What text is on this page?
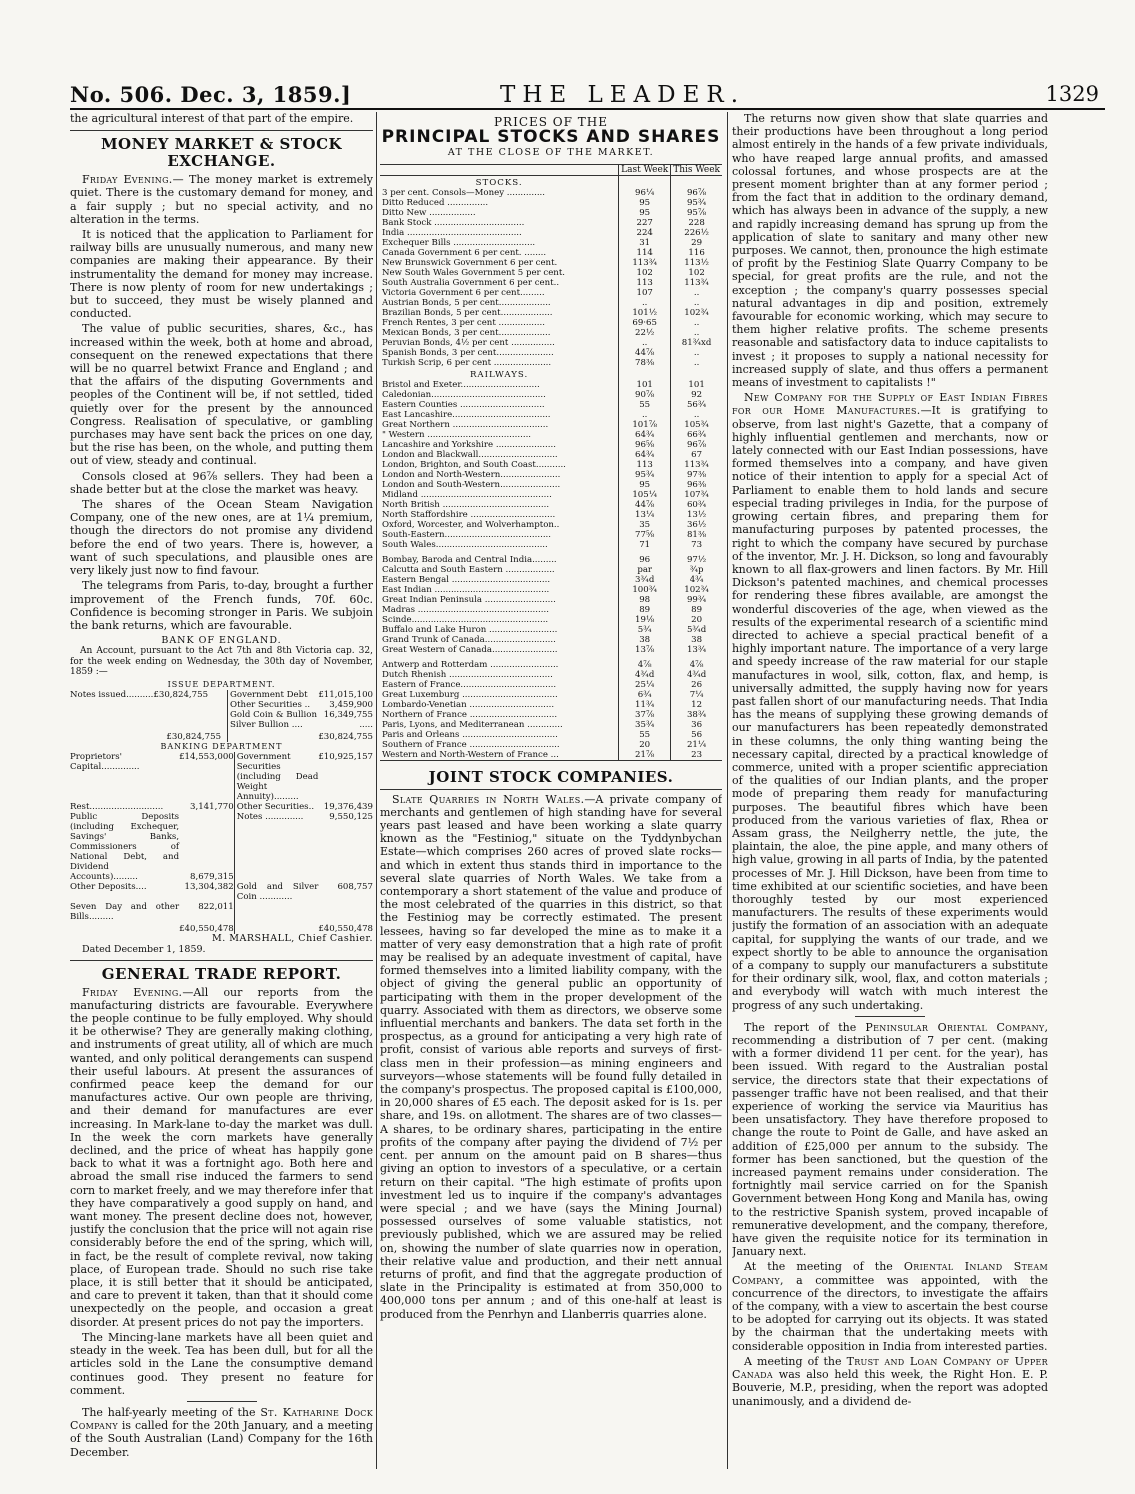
No. 506. Dec. 3, 1859.]	THE LEADER.	1329

the agricultural interest of that part of the empire.

MONEY MARKET & STOCK EXCHANGE.

Friday Evening.— The money market is extremely quiet. There is the customary demand for money, and a fair supply ; but no special activity, and no alteration in the terms.

It is noticed that the application to Parliament for railway bills are unusually numerous, and many new companies are making their appearance. By their instrumentality the demand for money may increase. There is now plenty of room for new undertakings ; but to succeed, they must be wisely planned and conducted.

The value of public securities, shares, &c., has increased within the week, both at home and abroad, consequent on the renewed expectations that there will be no quarrel betwixt France and England ; and that the affairs of the disputing Governments and peoples of the Continent will be, if not settled, tided quietly over for the present by the announced Congress. Realisation of speculative, or gambling purchases may have sent back the prices on one day, but the rise has been, on the whole, and putting them out of view, steady and continual.

Consols closed at 96⅞ sellers. They had been a shade better but at the close the market was heavy.

The shares of the Ocean Steam Navigation Company, one of the new ones, are at 1¼ premium, though the directors do not promise any dividend before the end of two years. There is, however, a want of such speculations, and plausible ones are very likely just now to find favour.

The telegrams from Paris, to-day, brought a further improvement of the French funds, 70f. 60c. Confidence is becoming stronger in Paris. We subjoin the bank returns, which are favourable.

BANK OF ENGLAND.
An Account, pursuant to the Act 7th and 8th Victoria cap. 32, for the week ending on Wednesday, the 30th day of November, 1859 :—
ISSUE DEPARTMENT.
Notes issued..........£30,824,755	Government Debt	£11,015,100
	Other Securities ..	3,459,900
	Gold Coin & Bullion	16,349,755
	Silver Bullion ....	.....
£30,824,755		£30,824,755
BANKING DEPARTMENT
Proprietors' Capital..............	£14,553,000	Government Securities (including Dead Weight Annuity).........	£10,925,157
Rest...........................	3,141,770	Other Securities..	19,376,439
Public Deposits (including Exchequer, Savings' Banks, Commissioners of National Debt, and Dividend Accounts).........	8,679,315	Notes ..............	9,550,125
Other Deposits....	13,304,382	Gold and Silver Coin ............	608,757
Seven Day and other Bills.........	822,011		
	£40,550,478		£40,550,478
M. MARSHALL, Chief Cashier.
Dated December 1, 1859.
GENERAL TRADE REPORT.

Friday Evening.—All our reports from the manufacturing districts are favourable. Everywhere the people continue to be fully employed. Why should it be otherwise? They are generally making clothing, and instruments of great utility, all of which are much wanted, and only political derangements can suspend their useful labours. At present the assurances of confirmed peace keep the demand for our manufactures active. Our own people are thriving, and their demand for manufactures are ever increasing. In Mark-lane to-day the market was dull. In the week the corn markets have generally declined, and the price of wheat has happily gone back to what it was a fortnight ago. Both here and abroad the small rise induced the farmers to send corn to market freely, and we may therefore infer that they have comparatively a good supply on hand, and want money. The present decline does not, however, justify the conclusion that the price will not again rise considerably before the end of the spring, which will, in fact, be the result of complete revival, now taking place, of European trade. Should no such rise take place, it is still better that it should be anticipated, and care to prevent it taken, than that it should come unexpectedly on the people, and occasion a great disorder. At present prices do not pay the importers.

The Mincing-lane markets have all been quiet and steady in the week. Tea has been dull, but for all the articles sold in the Lane the consumptive demand continues good. They present no feature for comment.

The half-yearly meeting of the St. Katharine Dock Company is called for the 20th January, and a meeting of the South Australian (Land) Company for the 16th December.

PRICES OF THE
PRINCIPAL STOCKS AND SHARES
AT THE CLOSE OF THE MARKET.
	Last Week	This Week
STOCKS.		
3 per cent. Consols—Money ..............	96¼	96⅞
Ditto Reduced ...............	95	95¾
Ditto New .................	95	95⅞
Bank Stock .................................	227	228
India ..........................................	224	226½
Exchequer Bills ..............................	31	29
Canada Government 6 per cent. ........	114	116
New Brunswick Government 6 per cent.	113¾	113½
New South Wales Government 5 per cent.	102	102
South Australia Government 6 per cent..	113	113¾
Victoria Government 6 per cent.........	107	..
Austrian Bonds, 5 per cent...................	..	..
Brazilian Bonds, 5 per cent...................	101½	102¾
French Rentes, 3 per cent .................	69·65	..
Mexican Bonds, 3 per cent...................	22½	..
Peruvian Bonds, 4½ per cent ................	..	81¾xd
Spanish Bonds, 3 per cent.....................	44⅞	..
Turkish Scrip, 6 per cent .....................	78⅜	..
RAILWAYS.		
Bristol and Exeter.............................	101	101
Caledonian..........................................	90⅞	92
Eastern Counties ...............................	55	56¾
East Lancashire....................................	..	..
Great Northern ...................................	101⅞	105¾
" Western ......................................	64¾	66¾
Lancashire and Yorkshire ......................	96⅝	96⅞
London and Blackwall.............................	64¾	67
London, Brighton, and South Coast...........	113	113¾
London and North-Western......................	95¾	97⅜
London and South-Western......................	95	96⅜
Midland ................................................	105¼	107¾
North British .......................................	44⅞	60¾
North Staffordshire ...............................	13¼	13½
Oxford, Worcester, and Wolverhampton..	35	36½
South-Eastern.......................................	77⅝	81⅜
South Wales.........................................	71	73

Bombay, Baroda and Central India.........	96	97½
Calcutta and South Eastern ..................	par	¾p
Eastern Bengal ....................................	3¾d	4¾
East Indian ..........................................	100¾	102¾
Great Indian Peninsula ..........................	98	99¾
Madras ................................................	89	89
Scinde..................................................	19⅛	20
Buffalo and Lake Huron .........................	5¾	5¾d
Grand Trunk of Canada..........................	38	38
Great Western of Canada........................	13⅞	13¾

Antwerp and Rotterdam .........................	4⅞	4⅞
Dutch Rhenish ......................................	4¾d	4¾d
Eastern of France...................................	25¼	26
Great Luxemburg ...................................	6¾	7¼
Lombardo-Venetian ...............................	11¾	12
Northern of France ................................	37⅞	38¾
Paris, Lyons, and Mediterranean .............	35¾	36
Paris and Orleans ...................................	55	56
Southern of France .................................	20	21¼
Western and North-Western of France ...	21⅞	23
JOINT STOCK COMPANIES.

Slate Quarries in North Wales.—A private company of merchants and gentlemen of high standing have for several years past leased and have been working a slate quarry known as the "Festiniog," situate on the Tyddynbychan Estate—which comprises 260 acres of proved slate rocks—and which in extent thus stands third in importance to the several slate quarries of North Wales. We take from a contemporary a short statement of the value and produce of the most celebrated of the quarries in this district, so that the Festiniog may be correctly estimated. The present lessees, having so far developed the mine as to make it a matter of very easy demonstration that a high rate of profit may be realised by an adequate investment of capital, have formed themselves into a limited liability company, with the object of giving the general public an opportunity of participating with them in the proper development of the quarry. Associated with them as directors, we observe some influential merchants and bankers. The data set forth in the prospectus, as a ground for anticipating a very high rate of profit, consist of various able reports and surveys of first-class men in their profession—as mining engineers and surveyors—whose statements will be found fully detailed in the company's prospectus. The proposed capital is £100,000, in 20,000 shares of £5 each. The deposit asked for is 1s. per share, and 19s. on allotment. The shares are of two classes—A shares, to be ordinary shares, participating in the entire profits of the company after paying the dividend of 7½ per cent. per annum on the amount paid on B shares—thus giving an option to investors of a speculative, or a certain return on their capital. "The high estimate of profits upon investment led us to inquire if the company's advantages were special ; and we have (says the Mining Journal) possessed ourselves of some valuable statistics, not previously published, which we are assured may be relied on, showing the number of slate quarries now in operation, their relative value and production, and their nett annual returns of profit, and find that the aggregate production of slate in the Principality is estimated at from 350,000 to 400,000 tons per annum ; and of this one-half at least is produced from the Penrhyn and Llanberris quarries alone.

The returns now given show that slate quarries and their productions have been throughout a long period almost entirely in the hands of a few private individuals, who have reaped large annual profits, and amassed colossal fortunes, and whose prospects are at the present moment brighter than at any former period ; from the fact that in addition to the ordinary demand, which has always been in advance of the supply, a new and rapidly increasing demand has sprung up from the application of slate to sanitary and many other new purposes. We cannot, then, pronounce the high estimate of profit by the Festiniog Slate Quarry Company to be special, for great profits are the rule, and not the exception ; the company's quarry possesses special natural advantages in dip and position, extremely favourable for economic working, which may secure to them higher relative profits. The scheme presents reasonable and satisfactory data to induce capitalists to invest ; it proposes to supply a national necessity for increased supply of slate, and thus offers a permanent means of investment to capitalists !"

New Company for the Supply of East Indian Fibres for our Home Manufactures.—It is gratifying to observe, from last night's Gazette, that a company of highly influential gentlemen and merchants, now or lately connected with our East Indian possessions, have formed themselves into a company, and have given notice of their intention to apply for a special Act of Parliament to enable them to hold lands and secure especial trading privileges in India, for the purpose of growing certain fibres, and preparing them for manufacturing purposes by patented processes, the right to which the company have secured by purchase of the inventor, Mr. J. H. Dickson, so long and favourably known to all flax-growers and linen factors. By Mr. Hill Dickson's patented machines, and chemical processes for rendering these fibres available, are amongst the wonderful discoveries of the age, when viewed as the results of the experimental research of a scientific mind directed to achieve a special practical benefit of a highly important nature. The importance of a very large and speedy increase of the raw material for our staple manufactures in wool, silk, cotton, flax, and hemp, is universally admitted, the supply having now for years past fallen short of our manufacturing needs. That India has the means of supplying these growing demands of our manufacturers has been repeatedly demonstrated in these columns, the only thing wanting being the necessary capital, directed by a practical knowledge of commerce, united with a proper scientific appreciation of the qualities of our Indian plants, and the proper mode of preparing them ready for manufacturing purposes. The beautiful fibres which have been produced from the various varieties of flax, Rhea or Assam grass, the Neilgherry nettle, the jute, the plaintain, the aloe, the pine apple, and many others of high value, growing in all parts of India, by the patented processes of Mr. J. Hill Dickson, have been from time to time exhibited at our scientific societies, and have been thoroughly tested by our most experienced manufacturers. The results of these experiments would justify the formation of an association with an adequate capital, for supplying the wants of our trade, and we expect shortly to be able to announce the organisation of a company to supply our manufacturers a substitute for their ordinary silk, wool, flax, and cotton materials ; and everybody will watch with much interest the progress of any such undertaking.

The report of the Peninsular Oriental Company, recommending a distribution of 7 per cent. (making with a former dividend 11 per cent. for the year), has been issued. With regard to the Australian postal service, the directors state that their expectations of passenger traffic have not been realised, and that their experience of working the service via Mauritius has been unsatisfactory. They have therefore proposed to change the route to Point de Galle, and have asked an addition of £25,000 per annum to the subsidy. The former has been sanctioned, but the question of the increased payment remains under consideration. The fortnightly mail service carried on for the Spanish Government between Hong Kong and Manila has, owing to the restrictive Spanish system, proved incapable of remunerative development, and the company, therefore, have given the requisite notice for its termination in January next.

At the meeting of the Oriental Inland Steam Company, a committee was appointed, with the concurrence of the directors, to investigate the affairs of the company, with a view to ascertain the best course to be adopted for carrying out its objects. It was stated by the chairman that the undertaking meets with considerable opposition in India from interested parties.

A meeting of the Trust and Loan Company of Upper Canada was also held this week, the Right Hon. E. P. Bouverie, M.P., presiding, when the report was adopted unanimously, and a dividend de-
